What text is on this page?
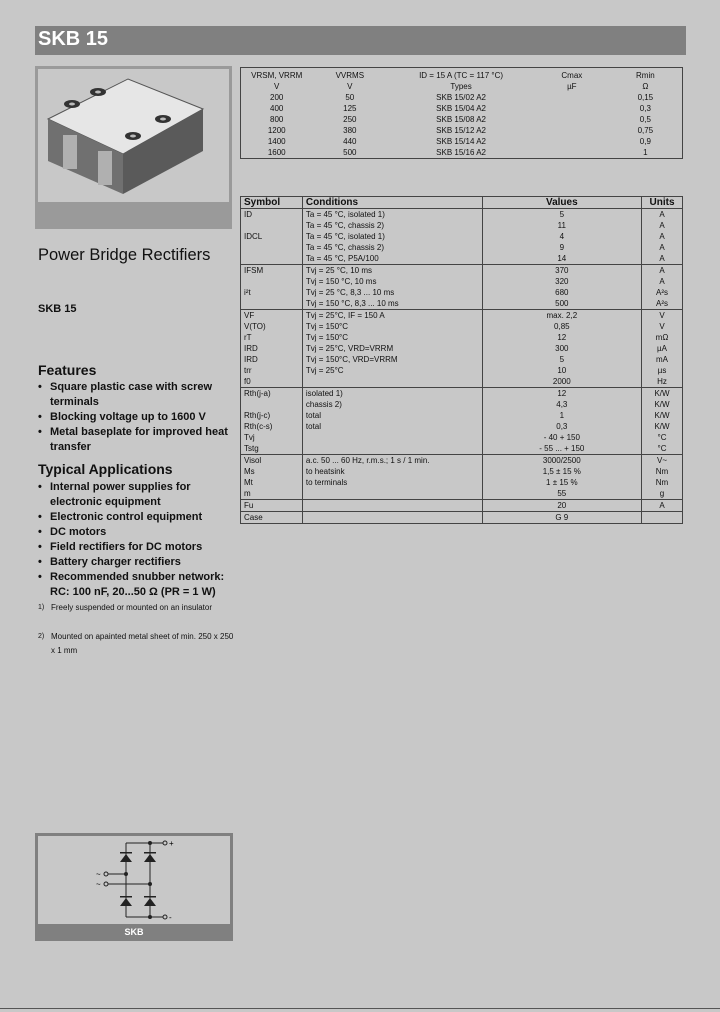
SKB 15
Power Bridge Rectifiers
SKB 15
Features
• Square plastic case with screw terminals
• Blocking voltage up to 1600 V
• Metal baseplate for improved heat transfer
Typical Applications
• Internal power supplies for electronic equipment
• Electronic control equipment
• DC motors
• Field rectifiers for DC motors
• Battery charger rectifiers
• Recommended snubber network: RC: 100 nF, 20...50 Ω (PR = 1 W)
1) Freely suspended or mounted on an insulator
2) Mounted on apainted metal sheet of min. 250 x 250 x 1 mm
VRSM, VRRM	VVRMS	ID = 15 A (TC = 117 °C)	Cmax	Rmin
V	V	Types	µF	Ω
200	50	SKB 15/02 A2		0,15
400	125	SKB 15/04 A2		0,3
800	250	SKB 15/08 A2		0,5
1200	380	SKB 15/12 A2		0,75
1400	440	SKB 15/14 A2		0,9
1600	500	SKB 15/16 A2		1
Symbol	Conditions	Values	Units
ID	Ta = 45 °C, isolated 1)	5	A
	Ta = 45 °C, chassis 2)	11	A
IDCL	Ta = 45 °C, isolated 1)	4	A
	Ta = 45 °C, chassis 2)	9	A
	Ta = 45 °C, P5A/100	14	A
IFSM	Tvj = 25 °C, 10 ms	370	A
	Tvj = 150 °C, 10 ms	320	A
i²t	Tvj = 25 °C, 8,3 ... 10 ms	680	A²s
	Tvj = 150 °C, 8,3 ... 10 ms	500	A²s
VF	Tvj = 25°C, IF = 150 A	max. 2,2	V
V(TO)	Tvj = 150°C	0,85	V
rT	Tvj = 150°C	12	mΩ
IRD	Tvj = 25°C, VRD=VRRM	300	µA
IRD	Tvj = 150°C, VRD=VRRM	5	mA
trr	Tvj = 25°C	10	µs
f0		2000	Hz
Rth(j-a)	isolated 1)	12	K/W
	chassis 2)	4,3	K/W
Rth(j-c)	total	1	K/W
Rth(c-s)	total	0,3	K/W
Tvj		- 40 + 150	°C
Tstg		- 55 ... + 150	°C
Visol	a.c. 50 ... 60 Hz, r.m.s.; 1 s / 1 min.	3000/2500	V~
Ms	to heatsink	1,5 ± 15 %	Nm
Mt	to terminals	1 ± 15 %	Nm
m		55	g
Fu		20	A
Case		G 9	
+
~
~
-
SKB
